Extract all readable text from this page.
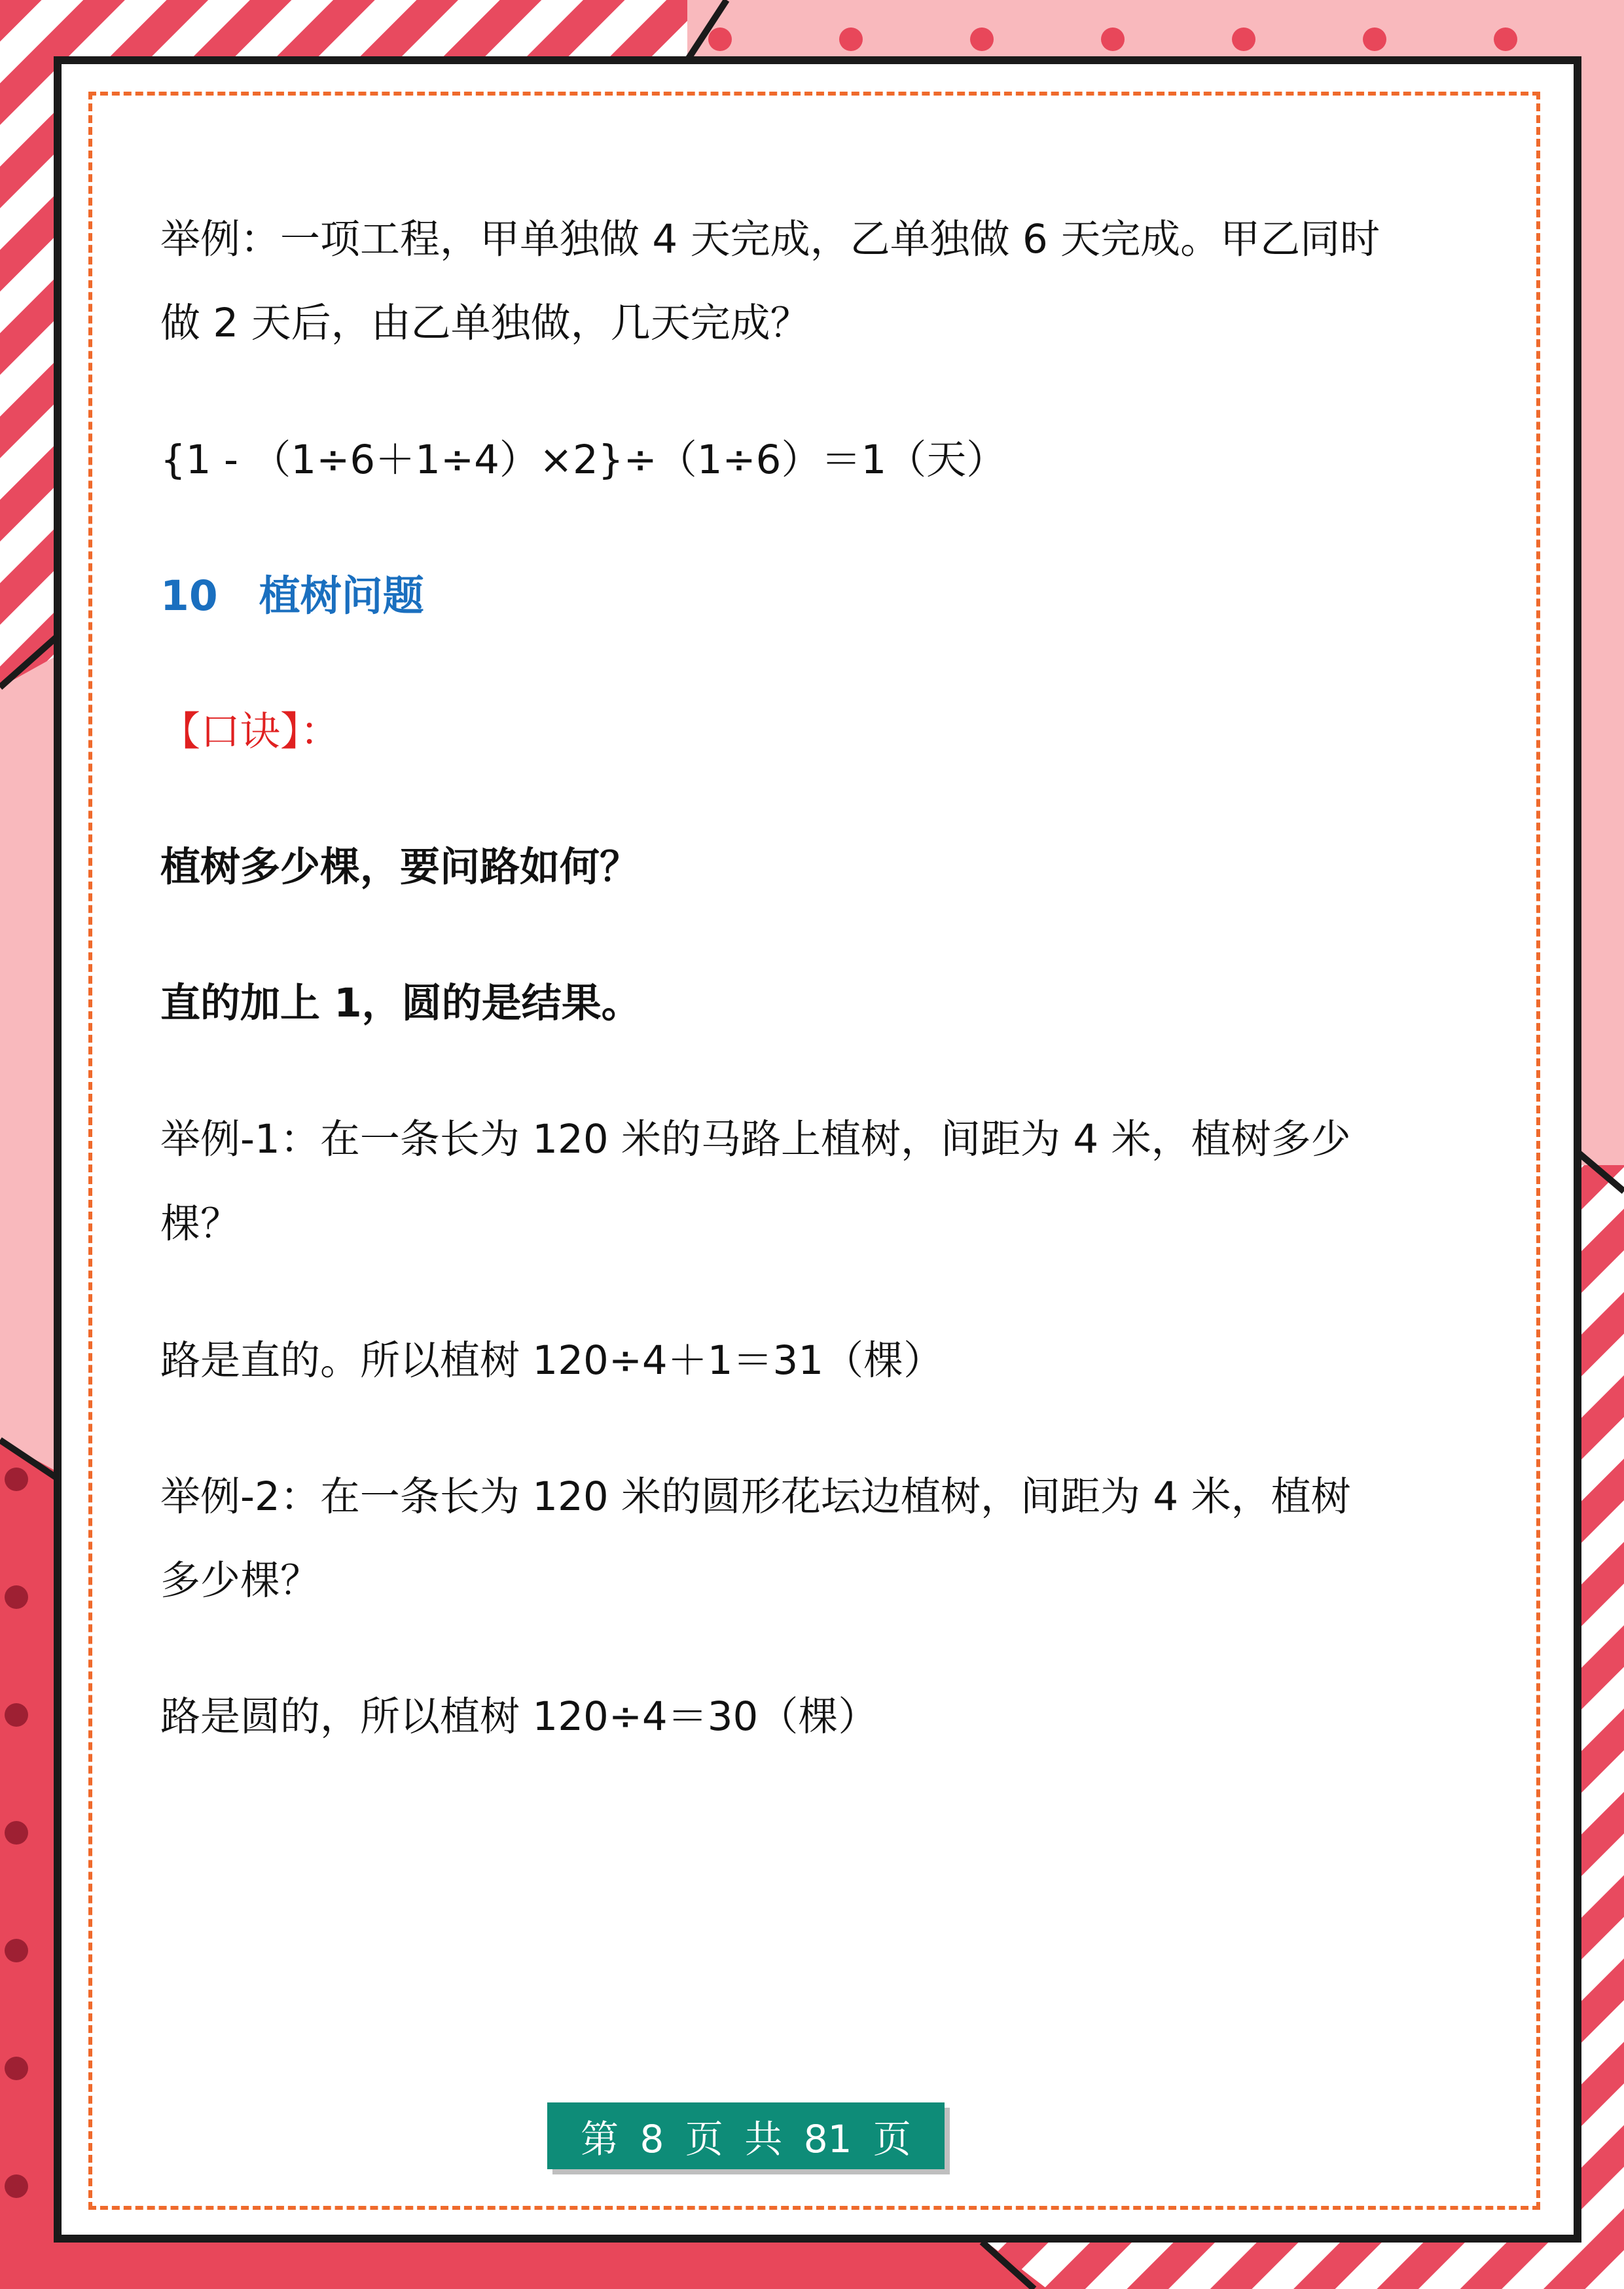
举例：一项工程，甲单独做 4 天完成，乙单独做 6 天完成。甲乙同时
做 2 天后，由乙单独做，几天完成？
{1 - （1÷6＋1÷4）×2}÷（1÷6）＝1（天）
10　植树问题
【口诀】：
植树多少棵，要问路如何？
直的加上 1，圆的是结果。
举例-1：在一条长为 120 米的马路上植树，间距为 4 米，植树多少
棵？
路是直的。所以植树 120÷4＋1＝31（棵）
举例-2：在一条长为 120 米的圆形花坛边植树，间距为 4 米，植树
多少棵？
路是圆的，所以植树 120÷4＝30（棵）
第 8 页 共 81 页
